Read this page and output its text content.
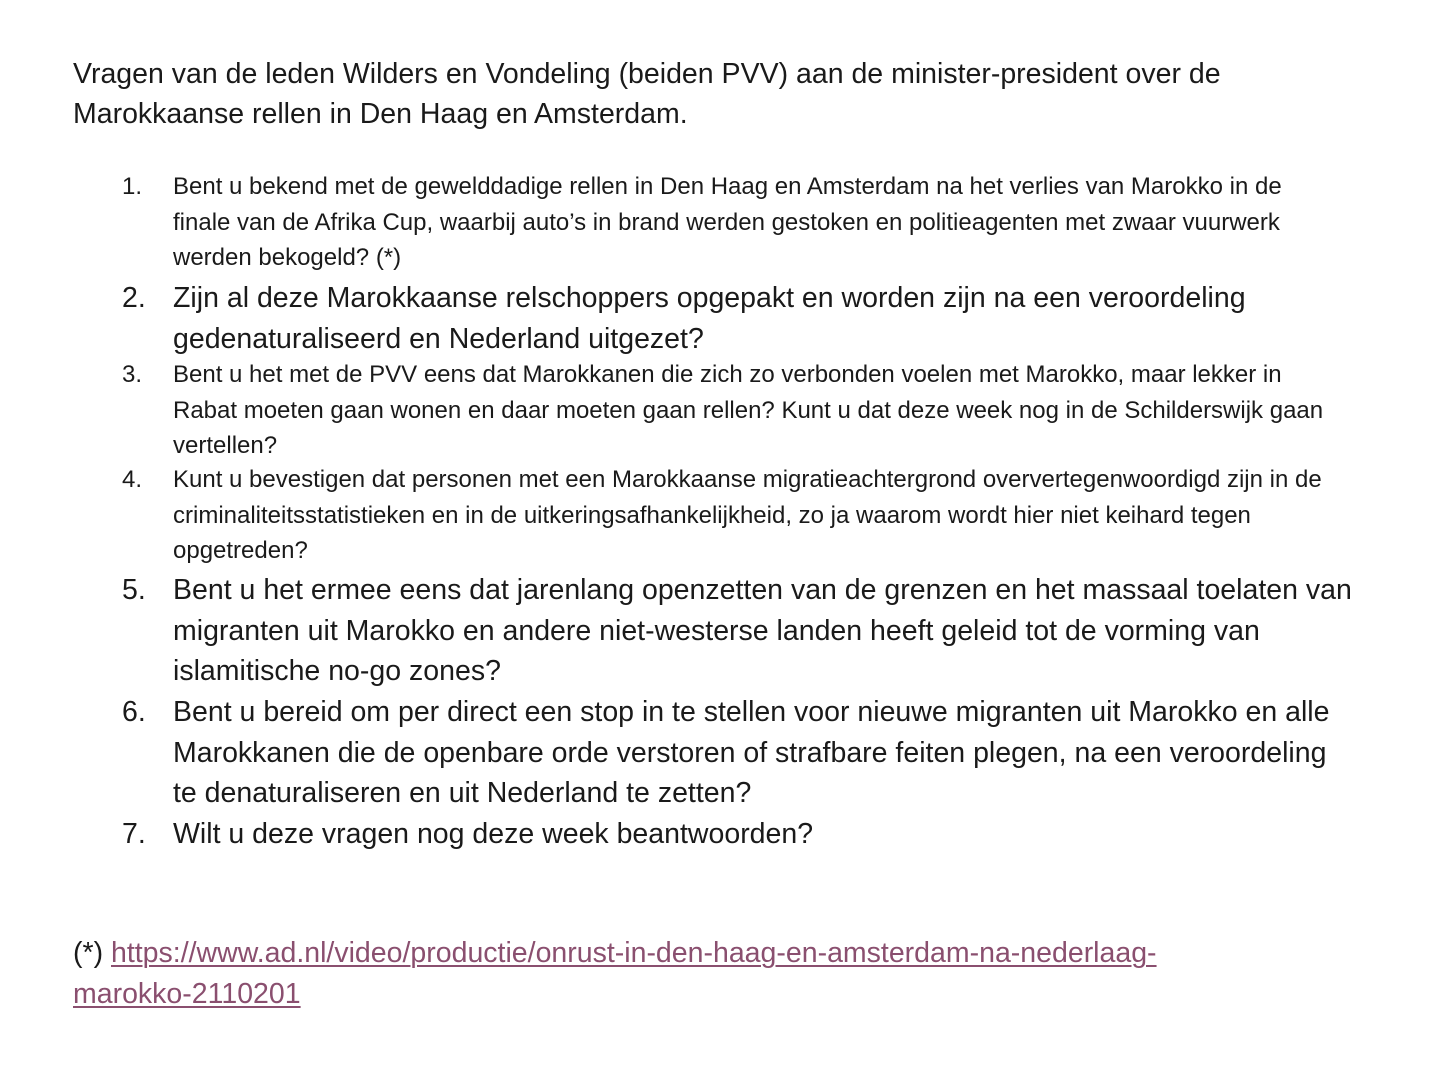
Vragen van de leden Wilders en Vondeling (beiden PVV) aan de minister-president over de Marokkaanse rellen in Den Haag en Amsterdam.
1. Bent u bekend met de gewelddadige rellen in Den Haag en Amsterdam na het verlies van Marokko in de finale van de Afrika Cup, waarbij auto’s in brand werden gestoken en politieagenten met zwaar vuurwerk werden bekogeld? (*)
2. Zijn al deze Marokkaanse relschoppers opgepakt en worden zijn na een veroordeling gedenaturaliseerd en Nederland uitgezet?
3. Bent u het met de PVV eens dat Marokkanen die zich zo verbonden voelen met Marokko, maar lekker in Rabat moeten gaan wonen en daar moeten gaan rellen? Kunt u dat deze week nog in de Schilderswijk gaan vertellen?
4. Kunt u bevestigen dat personen met een Marokkaanse migratieachtergrond oververtegenwoordigd zijn in de criminaliteitsstatistieken en in de uitkeringsafhankelijkheid, zo ja waarom wordt hier niet keihard tegen opgetreden?
5. Bent u het ermee eens dat jarenlang openzetten van de grenzen en het massaal toelaten van migranten uit Marokko en andere niet-westerse landen heeft geleid tot de vorming van islamitische no-go zones?
6. Bent u bereid om per direct een stop in te stellen voor nieuwe migranten uit Marokko en alle Marokkanen die de openbare orde verstoren of strafbare feiten plegen, na een veroordeling te denaturaliseren en uit Nederland te zetten?
7. Wilt u deze vragen nog deze week beantwoorden?
(*) https://www.ad.nl/video/productie/onrust-in-den-haag-en-amsterdam-na-nederlaag-marokko-2110201
